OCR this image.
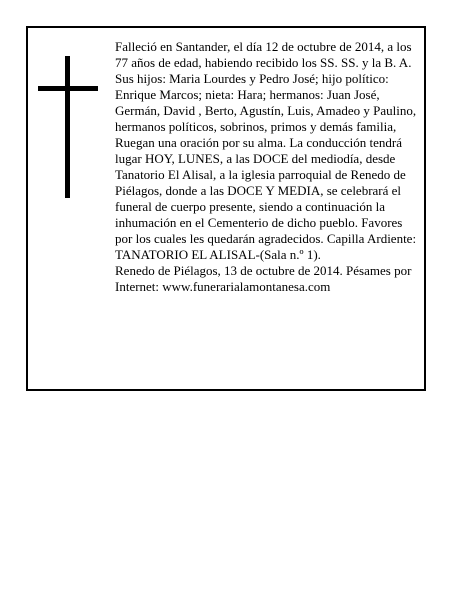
Falleció en Santander, el día 12 de octubre de 2014, a los 77 años de edad, habiendo recibido los SS. SS. y la B. A.

Sus hijos: Maria Lourdes y Pedro José; hijo político: Enrique Marcos; nieta: Hara; hermanos: Juan José, Germán, David , Berto, Agustín, Luis, Amadeo y Paulino, hermanos políticos, sobrinos, primos y demás familia,

Ruegan una oración por su alma. La conducción tendrá lugar HOY, LUNES, a las DOCE del mediodía, desde Tanatorio El Alisal, a la iglesia parroquial de Renedo de Piélagos, donde a las DOCE Y MEDIA, se celebrará el funeral de cuerpo presente, siendo a continuación la inhumación en el Cementerio de dicho pueblo. Favores por los cuales les quedarán agradecidos. Capilla Ardiente: TANATORIO EL ALISAL-(Sala n.º 1).

Renedo de Piélagos, 13 de octubre de 2014. Pésames por Internet: www.funerarialamontanesa.com
